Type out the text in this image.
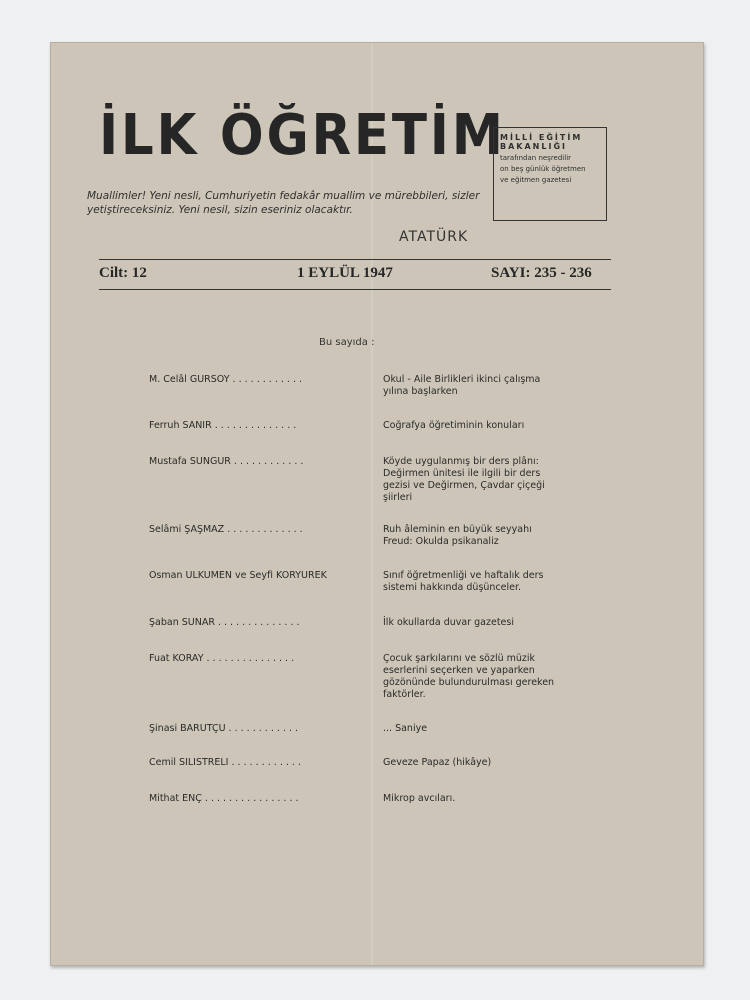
İLK ÖĞRETİM
Muallimler! Yeni nesli, Cumhuriyetin fedakâr muallim ve mürebbileri, sizler yetiştireceksiniz. Yeni nesil, sizin eseriniz olacaktır.
ATATÜRK
MİLLİ EĞİTİM
BAKANLIĞI
tarafından neşredilir
on beş günlük öğretmen
ve eğitmen gazetesi
Cilt: 12	1 EYLÜL 1947	SAYI: 235 - 236
Bu sayıda :
M. Celâl GÜRSOY . . . . . . . . . . . .	Okul - Aile Birlikleri ikinci çalışma yılına başlarken
Ferruh SANIR . . . . . . . . . . . . . .	Coğrafya öğretiminin konuları
Mustafa SUNGUR . . . . . . . . . . . .	Köyde uygulanmış bir ders plânı: Değirmen ünitesi ile ilgili bir ders gezisi ve Değirmen, Çavdar çiçeği şiirleri
Selâmi ŞAŞMAZ . . . . . . . . . . . . .	Ruh âleminin en büyük seyyahı Freud: Okulda psikanaliz
Osman ÜLKÜMEN ve Seyfi KORYÜREK	Sınıf öğretmenliği ve haftalık ders sistemi hakkında düşünceler.
Şaban SUNAR . . . . . . . . . . . . . .	İlk okullarda duvar gazetesi
Fuat KORAY . . . . . . . . . . . . . . .	Çocuk şarkılarını ve sözlü müzik eserlerini seçerken ve yaparken gözönünde bulundurulması gereken faktörler.
Şinasi BARUTÇU . . . . . . . . . . . .	... Saniye
Cemil SİLİSTRELİ . . . . . . . . . . . .	Geveze Papaz (hikâye)
Mithat ENÇ . . . . . . . . . . . . . . . .	Mikrop avcıları.
